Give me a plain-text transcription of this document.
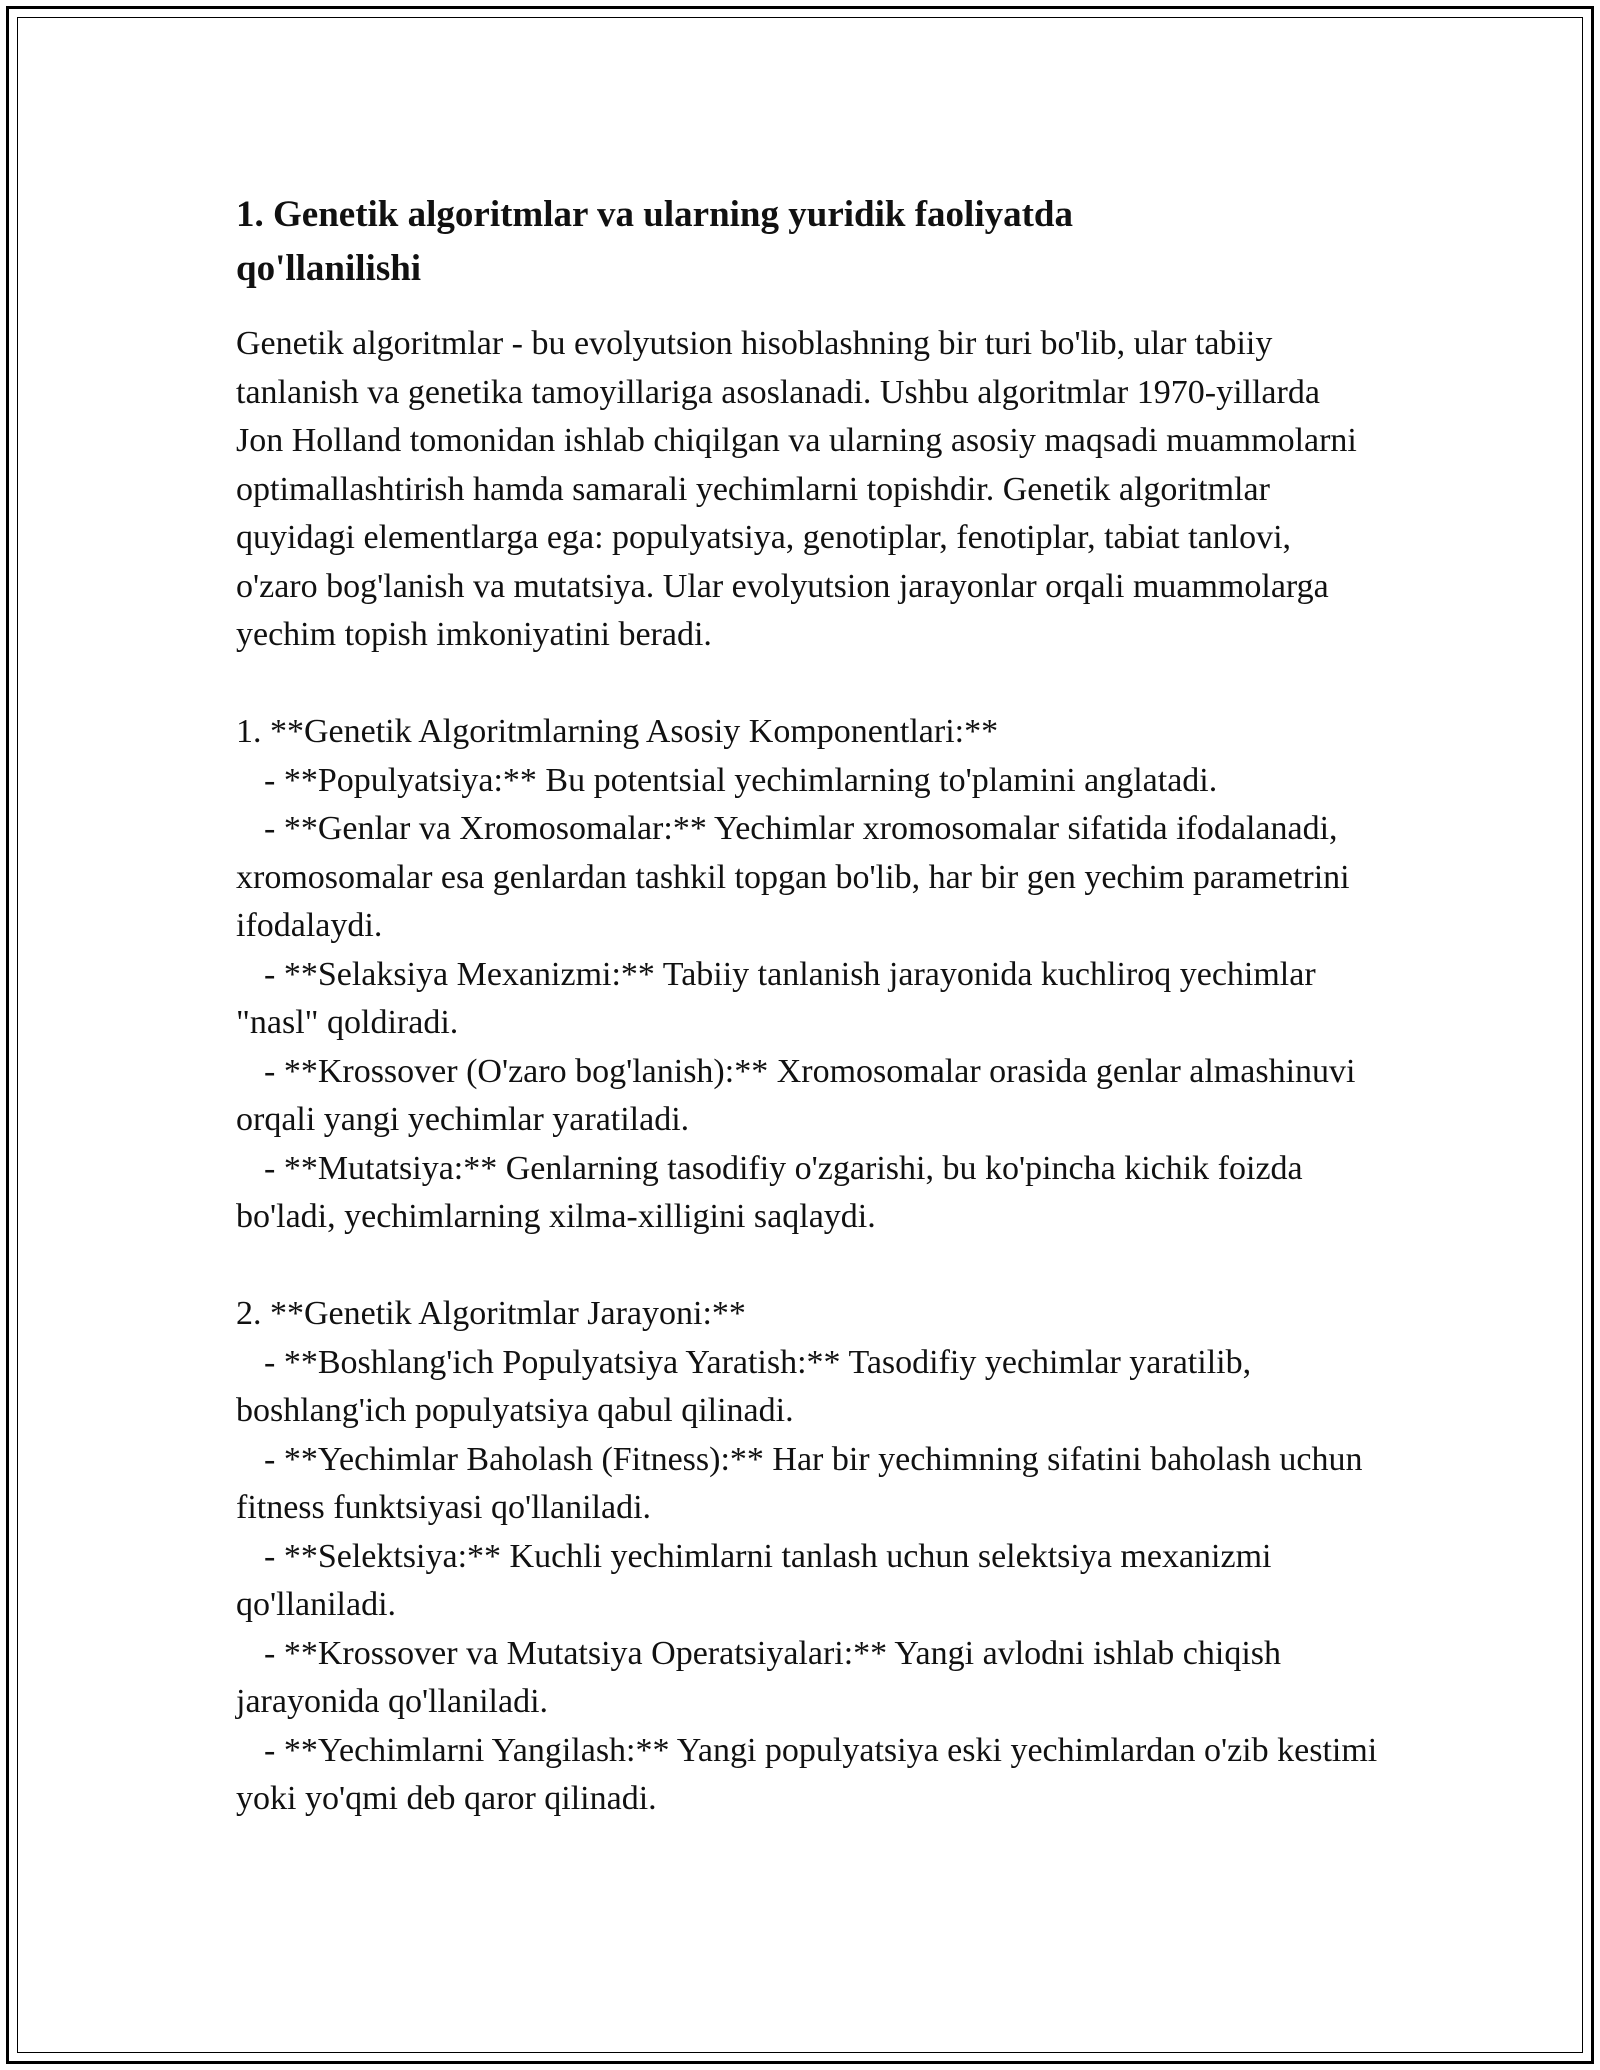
1. Genetik algoritmlar va ularning yuridik faoliyatda qo'llanilishi

Genetik algoritmlar - bu evolyutsion hisoblashning bir turi bo'lib, ular tabiiy tanlanish va genetika tamoyillariga asoslanadi. Ushbu algoritmlar 1970-yillarda Jon Holland tomonidan ishlab chiqilgan va ularning asosiy maqsadi muammolarni optimallashtirish hamda samarali yechimlarni topishdir. Genetik algoritmlar quyidagi elementlarga ega: populyatsiya, genotiplar, fenotiplar, tabiat tanlovi, o'zaro bog'lanish va mutatsiya. Ular evolyutsion jarayonlar orqali muammolarga yechim topish imkoniyatini beradi.

1. **Genetik Algoritmlarning Asosiy Komponentlari:**

- **Populyatsiya:** Bu potentsial yechimlarning to'plamini anglatadi.

- **Genlar va Xromosomalar:** Yechimlar xromosomalar sifatida ifodalanadi, xromosomalar esa genlardan tashkil topgan bo'lib, har bir gen yechim parametrini ifodalaydi.

- **Selaksiya Mexanizmi:** Tabiiy tanlanish jarayonida kuchliroq yechimlar "nasl" qoldiradi.

- **Krossover (O'zaro bog'lanish):** Xromosomalar orasida genlar almashinuvi orqali yangi yechimlar yaratiladi.

- **Mutatsiya:** Genlarning tasodifiy o'zgarishi, bu ko'pincha kichik foizda bo'ladi, yechimlarning xilma-xilligini saqlaydi.

2. **Genetik Algoritmlar Jarayoni:**

- **Boshlang'ich Populyatsiya Yaratish:** Tasodifiy yechimlar yaratilib, boshlang'ich populyatsiya qabul qilinadi.

- **Yechimlar Baholash (Fitness):** Har bir yechimning sifatini baholash uchun fitness funktsiyasi qo'llaniladi.

- **Selektsiya:** Kuchli yechimlarni tanlash uchun selektsiya mexanizmi qo'llaniladi.

- **Krossover va Mutatsiya Operatsiyalari:** Yangi avlodni ishlab chiqish jarayonida qo'llaniladi.

- **Yechimlarni Yangilash:** Yangi populyatsiya eski yechimlardan o'zib kestimi yoki yo'qmi deb qaror qilinadi.
